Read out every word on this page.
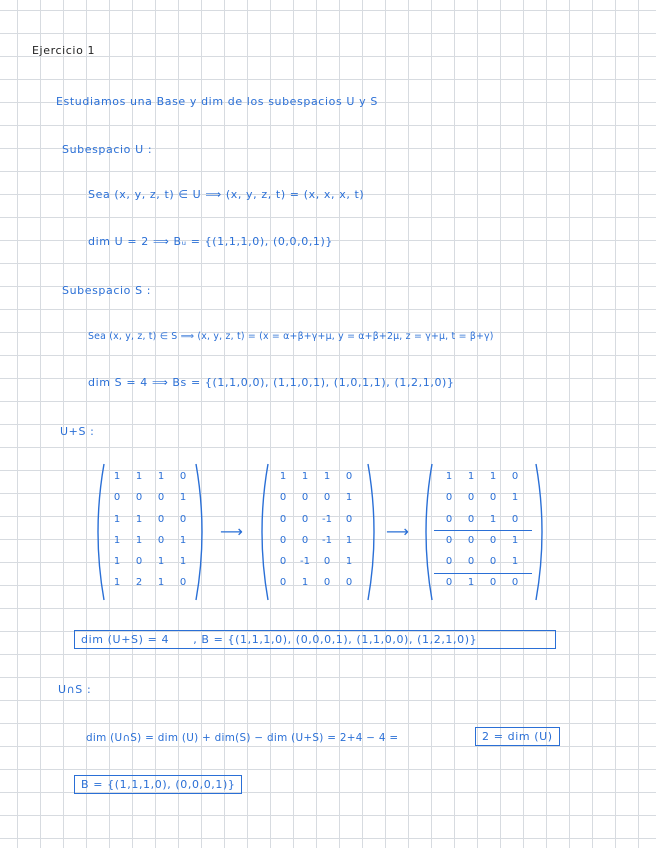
Ejercicio 1
Estudiamos una Base y dim de los subespacios U y S
Subespacio U :
Sea (x, y, z, t) ∈ U ⟹ (x, y, z, t) = (x, x, x, t)
dim U = 2 ⟹ Bᵤ = {(1,1,1,0), (0,0,0,1)}
Subespacio S :
Sea (x, y, z, t) ∈ S ⟹ (x, y, z, t) = (x = α+β+γ+μ, y = α+β+2μ, z = γ+μ, t = β+γ)
dim S = 4 ⟹ Bs = {(1,1,0,0), (1,1,0,1), (1,0,1,1), (1,2,1,0)}
U+S :
1	1	1	0
0	0	0	1
1	1	0	0
1	1	0	1
1	0	1	1
1	2	1	0
⟶
1	1	1	0
0	0	0	1
0	0	-1	0
0	0	-1	1
0	-1	0	1
0	1	0	0
⟶
1	1	1	0
0	0	0	1
0	0	1	0
0	0	0	1
0	0	0	1
0	1	0	0
dim (U+S) = 4 , B = {(1,1,1,0), (0,0,0,1), (1,1,0,0), (1,2,1,0)}
U∩S :
dim (U∩S) = dim (U) + dim(S) − dim (U+S) = 2+4 − 4 =	2 = dim (U)
B = {(1,1,1,0), (0,0,0,1)}
